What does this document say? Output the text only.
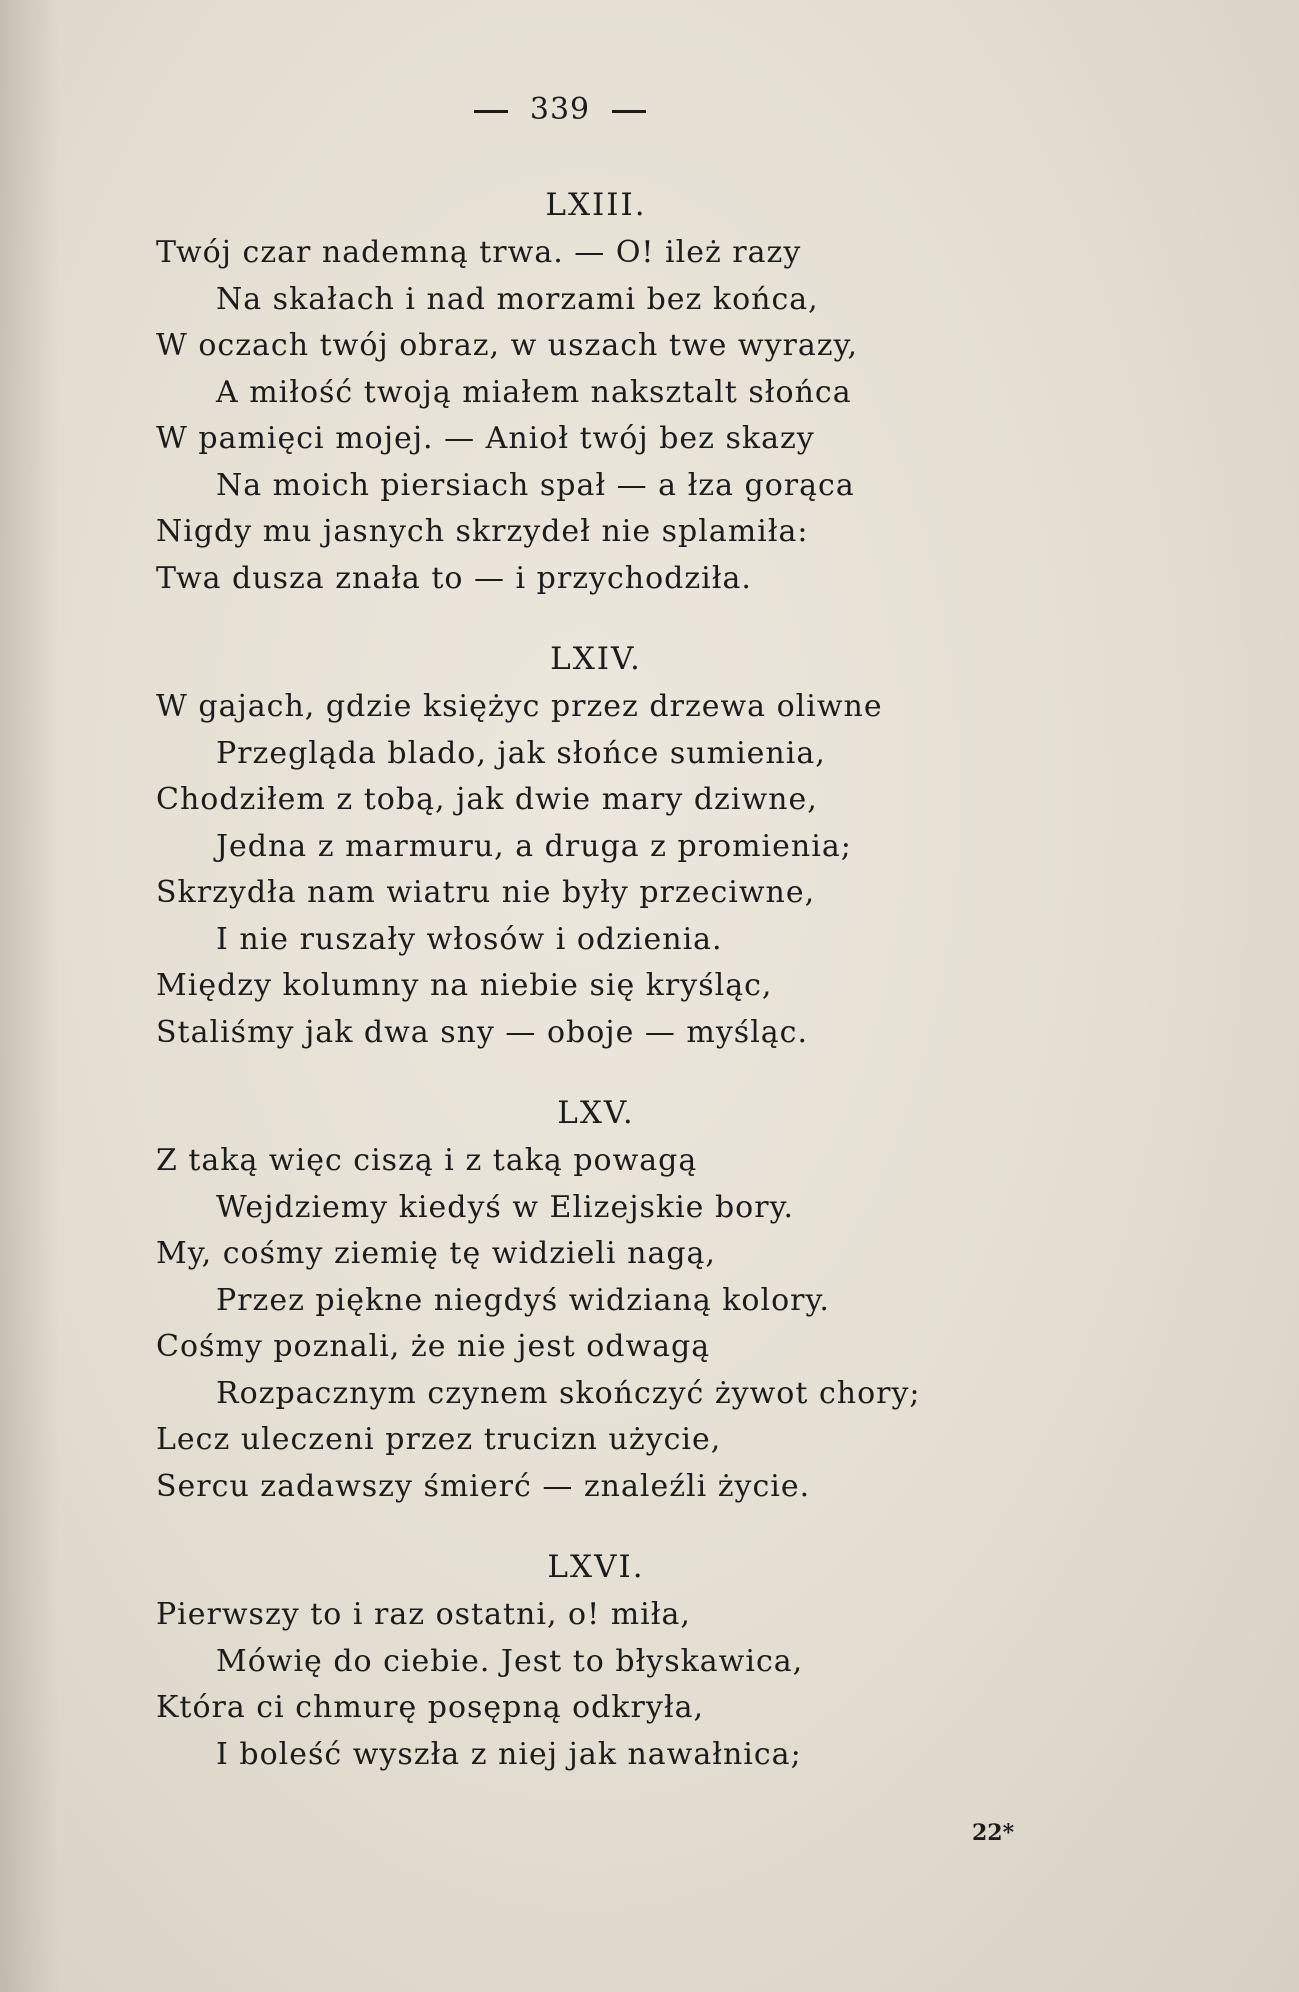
339
LXIII.
Twój czar nademną trwa. — O! ileż razy
Na skałach i nad morzami bez końca,
W oczach twój obraz, w uszach twe wyrazy,
A miłość twoją miałem naksztalt słońca
W pamięci mojej. — Anioł twój bez skazy
Na moich piersiach spał — a łza gorąca
Nigdy mu jasnych skrzydeł nie splamiła:
Twa dusza znała to — i przychodziła.
LXIV.
W gajach, gdzie księżyc przez drzewa oliwne
Przegląda blado, jak słońce sumienia,
Chodziłem z tobą, jak dwie mary dziwne,
Jedna z marmuru, a druga z promienia;
Skrzydła nam wiatru nie były przeciwne,
I nie ruszały włosów i odzienia.
Między kolumny na niebie się kryśląc,
Staliśmy jak dwa sny — oboje — myśląc.
LXV.
Z taką więc ciszą i z taką powagą
Wejdziemy kiedyś w Elizejskie bory.
My, cośmy ziemię tę widzieli nagą,
Przez piękne niegdyś widzianą kolory.
Cośmy poznali, że nie jest odwagą
Rozpacznym czynem skończyć żywot chory;
Lecz uleczeni przez trucizn użycie,
Sercu zadawszy śmierć — znaleźli życie.
LXVI.
Pierwszy to i raz ostatni, o! miła,
Mówię do ciebie. Jest to błyskawica,
Która ci chmurę posępną odkryła,
I boleść wyszła z niej jak nawałnica;
22*
